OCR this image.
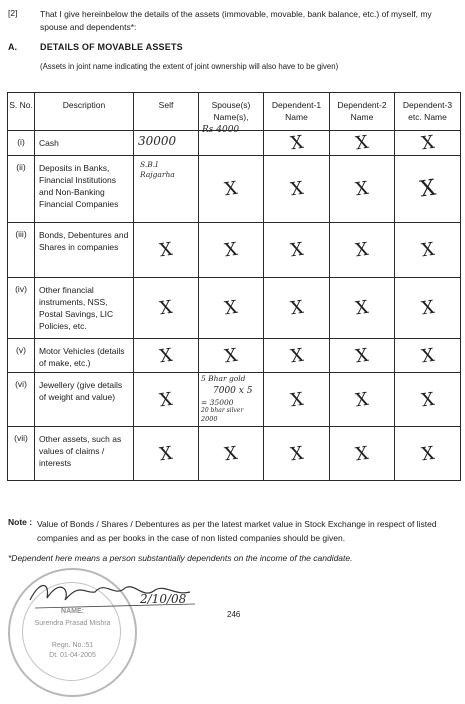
[2]	That I give hereinbelow the details of the assets (immovable, movable, bank balance, etc.) of myself, my spouse and dependents*:
A.	DETAILS OF MOVABLE ASSETS
(Assets in joint name indicating the extent of joint ownership will also have to be given)
S. No.	Description	Self	Spouse(s) Name(s),	Dependent-1 Name	Dependent-2 Name	Dependent-3 etc. Name
(i)	Cash	30000	Rs 4000	X	X	X

(ii)	Deposits in Banks, Financial Institutions and Non-Banking Financial Companies	S.B.I Rajgarha	X	X	X	X

(iii)	Bonds, Debentures and Shares in companies	X	X	X	X	X

(iv)	Other financial instruments, NSS, Postal Savings, LIC Policies, etc.	X	X	X	X	X

(v)	Motor Vehicles (details of make, etc.)	X	X	X	X	X

(vi)	Jewellery (give details of weight and value)	X	5 Bhar gold
7000 x 5
= 35000
20 bhar silver
2000	X	X	X

(vii)	Other assets, such as values of claims / interests	X	X	X	X	X
Note : Value of Bonds / Shares / Debentures as per the latest market value in Stock Exchange in respect of listed companies and as per books in the case of non listed companies should be given.
*Dependent here means a person substantially dependents on the income of the candidate.
NAME:
Surendra Prasad Mishra
Regn. No.:51
Dt. 01-04-2005
2/10/08
246
